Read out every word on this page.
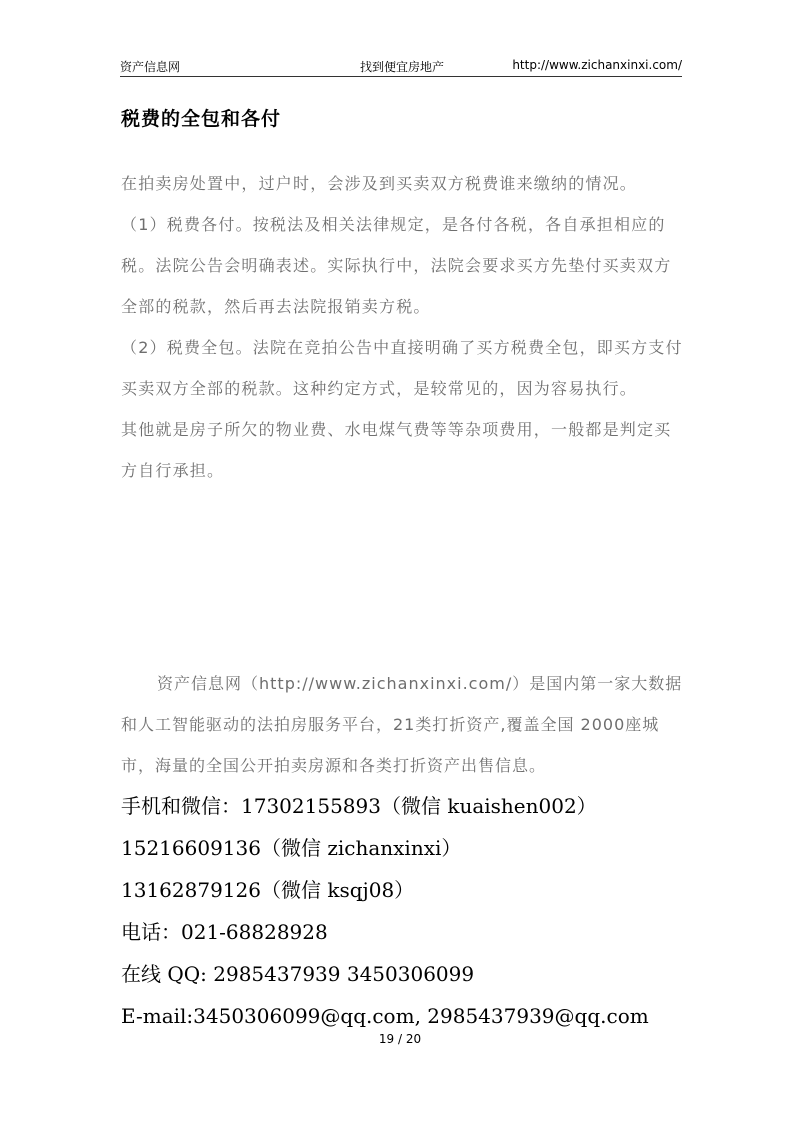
资产信息网	找到便宜房地产	http://www.zichanxinxi.com/
税费的全包和各付

在拍卖房处置中，过户时，会涉及到买卖双方税费谁来缴纳的情况。

（1）税费各付。按税法及相关法律规定，是各付各税，各自承担相应的税。法院公告会明确表述。实际执行中，法院会要求买方先垫付买卖双方全部的税款，然后再去法院报销卖方税。

（2）税费全包。法院在竞拍公告中直接明确了买方税费全包，即买方支付买卖双方全部的税款。这种约定方式，是较常见的，因为容易执行。

其他就是房子所欠的物业费、水电煤气费等等杂项费用，一般都是判定买方自行承担。

资产信息网（http://www.zichanxinxi.com/）是国内第一家大数据和人工智能驱动的法拍房服务平台，21类打折资产,覆盖全国 2000座城市，海量的全国公开拍卖房源和各类打折资产出售信息。

手机和微信：17302155893（微信 kuaishen002）
15216609136（微信 zichanxinxi）
13162879126（微信 ksqj08）
电话：021-68828928
在线 QQ: 2985437939 3450306099
E-mail:3450306099@qq.com, 2985437939@qq.com
19 / 20
